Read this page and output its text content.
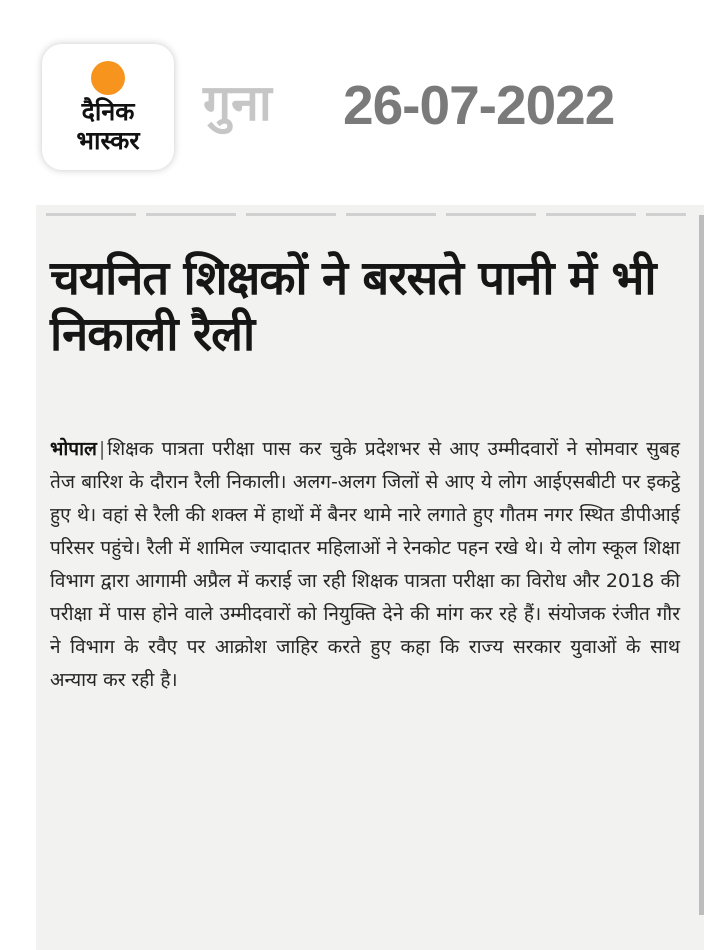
दैनिक
भास्कर
गुना 26-07-2022
चयनित शिक्षकों ने बरसते पानी में भी निकाली रैली
भोपाल | शिक्षक पात्रता परीक्षा पास कर चुके प्रदेशभर से आए उम्मीदवारों ने सोमवार सुबह तेज बारिश के दौरान रैली निकाली। अलग-अलग जिलों से आए ये लोग आईएसबीटी पर इकट्ठे हुए थे। वहां से रैली की शक्ल में हाथों में बैनर थामे नारे लगाते हुए गौतम नगर स्थित डीपीआई परिसर पहुंचे। रैली में शामिल ज्यादातर महिलाओं ने रेनकोट पहन रखे थे। ये लोग स्कूल शिक्षा विभाग द्वारा आगामी अप्रैल में कराई जा रही शिक्षक पात्रता परीक्षा का विरोध और 2018 की परीक्षा में पास होने वाले उम्मीदवारों को नियुक्ति देने की मांग कर रहे हैं। संयोजक रंजीत गौर ने विभाग के रवैए पर आक्रोश जाहिर करते हुए कहा कि राज्य सरकार युवाओं के साथ अन्याय कर रही है।
